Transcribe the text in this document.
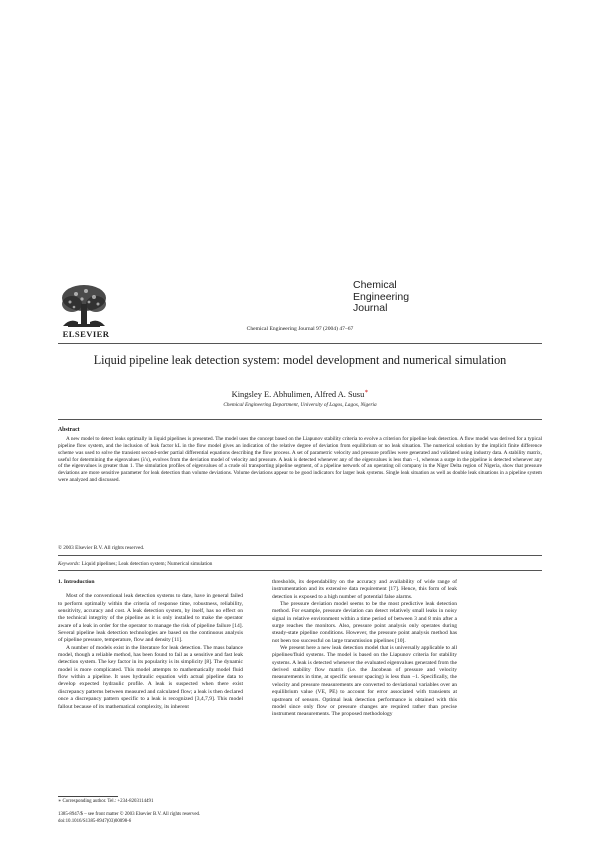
ELSEVIER	Chemical Engineering Journal 97 (2004) 47–67
Chemical
Engineering
Journal
Liquid pipeline leak detection system: model development and numerical simulation
Kingsley E. Abhulimen, Alfred A. Susu∗
Chemical Engineering Department, University of Lagos, Lagos, Nigeria
Abstract

A new model to detect leaks optimally in liquid pipelines is presented. The model uses the concept based on the Liapunov stability criteria to evolve a criterion for pipeline leak detection. A flow model was derived for a typical pipeline flow system, and the inclusion of leak factor kL in the flow model gives an indication of the relative degree of deviation from equilibrium or no leak situation. The numerical solution by the implicit finite difference scheme was used to solve the transient second-order partial differential equations describing the flow process. A set of parametric velocity and pressure profiles were generated and validated using industry data. A stability matrix, useful for determining the eigenvalues (λ's), evolves from the deviation model of velocity and pressure. A leak is detected whenever any of the eigenvalues is less than −1, whereas a surge in the pipeline is detected whenever any of the eigenvalues is greater than 1. The simulation profiles of eigenvalues of a crude oil transporting pipeline segment, of a pipeline network of an operating oil company in the Niger Delta region of Nigeria, show that pressure deviations are more sensitive parameter for leak detection than volume deviations. Volume deviations appear to be good indicators for larger leak systems. Single leak situation as well as double leak situations in a pipeline system were analyzed and discussed.

© 2003 Elsevier B.V. All rights reserved.
Keywords: Liquid pipelines; Leak detection system; Numerical simulation
1. Introduction

Most of the conventional leak detection systems to date, have in general failed to perform optimally within the criteria of response time, robustness, reliability, sensitivity, accuracy and cost. A leak detection system, by itself, has no effect on the technical integrity of the pipeline as it is only installed to make the operator aware of a leak in order for the operator to manage the risk of pipeline failure [14]. Several pipeline leak detection technologies are based on the continuous analysis of pipeline pressure, temperature, flow and density [11].

A number of models exist in the literature for leak detection. The mass balance model, though a reliable method, has been found to fail as a sensitive and fast leak detection system. The key factor in its popularity is its simplicity [8]. The dynamic model is more complicated. This model attempts to mathematically model fluid flow within a pipeline. It uses hydraulic equation with actual pipeline data to develop expected hydraulic profile. A leak is suspected when there exist discrepancy patterns between measured and calculated flow; a leak is then declared once a discrepancy pattern specific to a leak is recognized [3,4,7,9]. This model fallout because of its mathematical complexity, its inherent

thresholds, its dependability on the accuracy and availability of wide range of instrumentation and its extensive data requirement [17]. Hence, this form of leak detection is exposed to a high number of potential false alarms.

The pressure deviation model seems to be the most predictive leak detection method. For example, pressure deviation can detect relatively small leaks in noisy signal in relative environment within a time period of between 3 and 8 min after a surge reaches the monitors. Also, pressure point analysis only operates during steady-state pipeline conditions. However, the pressure point analysis method has not been too successful on large transmission pipelines [10].

We present here a new leak detection model that is universally applicable to all pipelines/fluid systems. The model is based on the Liapunov criteria for stability systems. A leak is detected whenever the evaluated eigenvalues generated from the derived stability flow matrix (i.e. the Jacobean of pressure and velocity measurements in time, at specific sensor spacing) is less than −1. Specifically, the velocity and pressure measurements are converted to deviational variables over an equilibrium value (VE, PE) to account for error associated with transients at upstream of sensors. Optimal leak detection performance is obtained with this model since only flow or pressure changes are required rather than precise instrument measurements. The proposed methodology

∗ Corresponding author. Tel.: +234-8203114491
1385-8947/$ – see front matter © 2003 Elsevier B.V. All rights reserved.
doi:10.1016/S1385-8947(03)00098-6
